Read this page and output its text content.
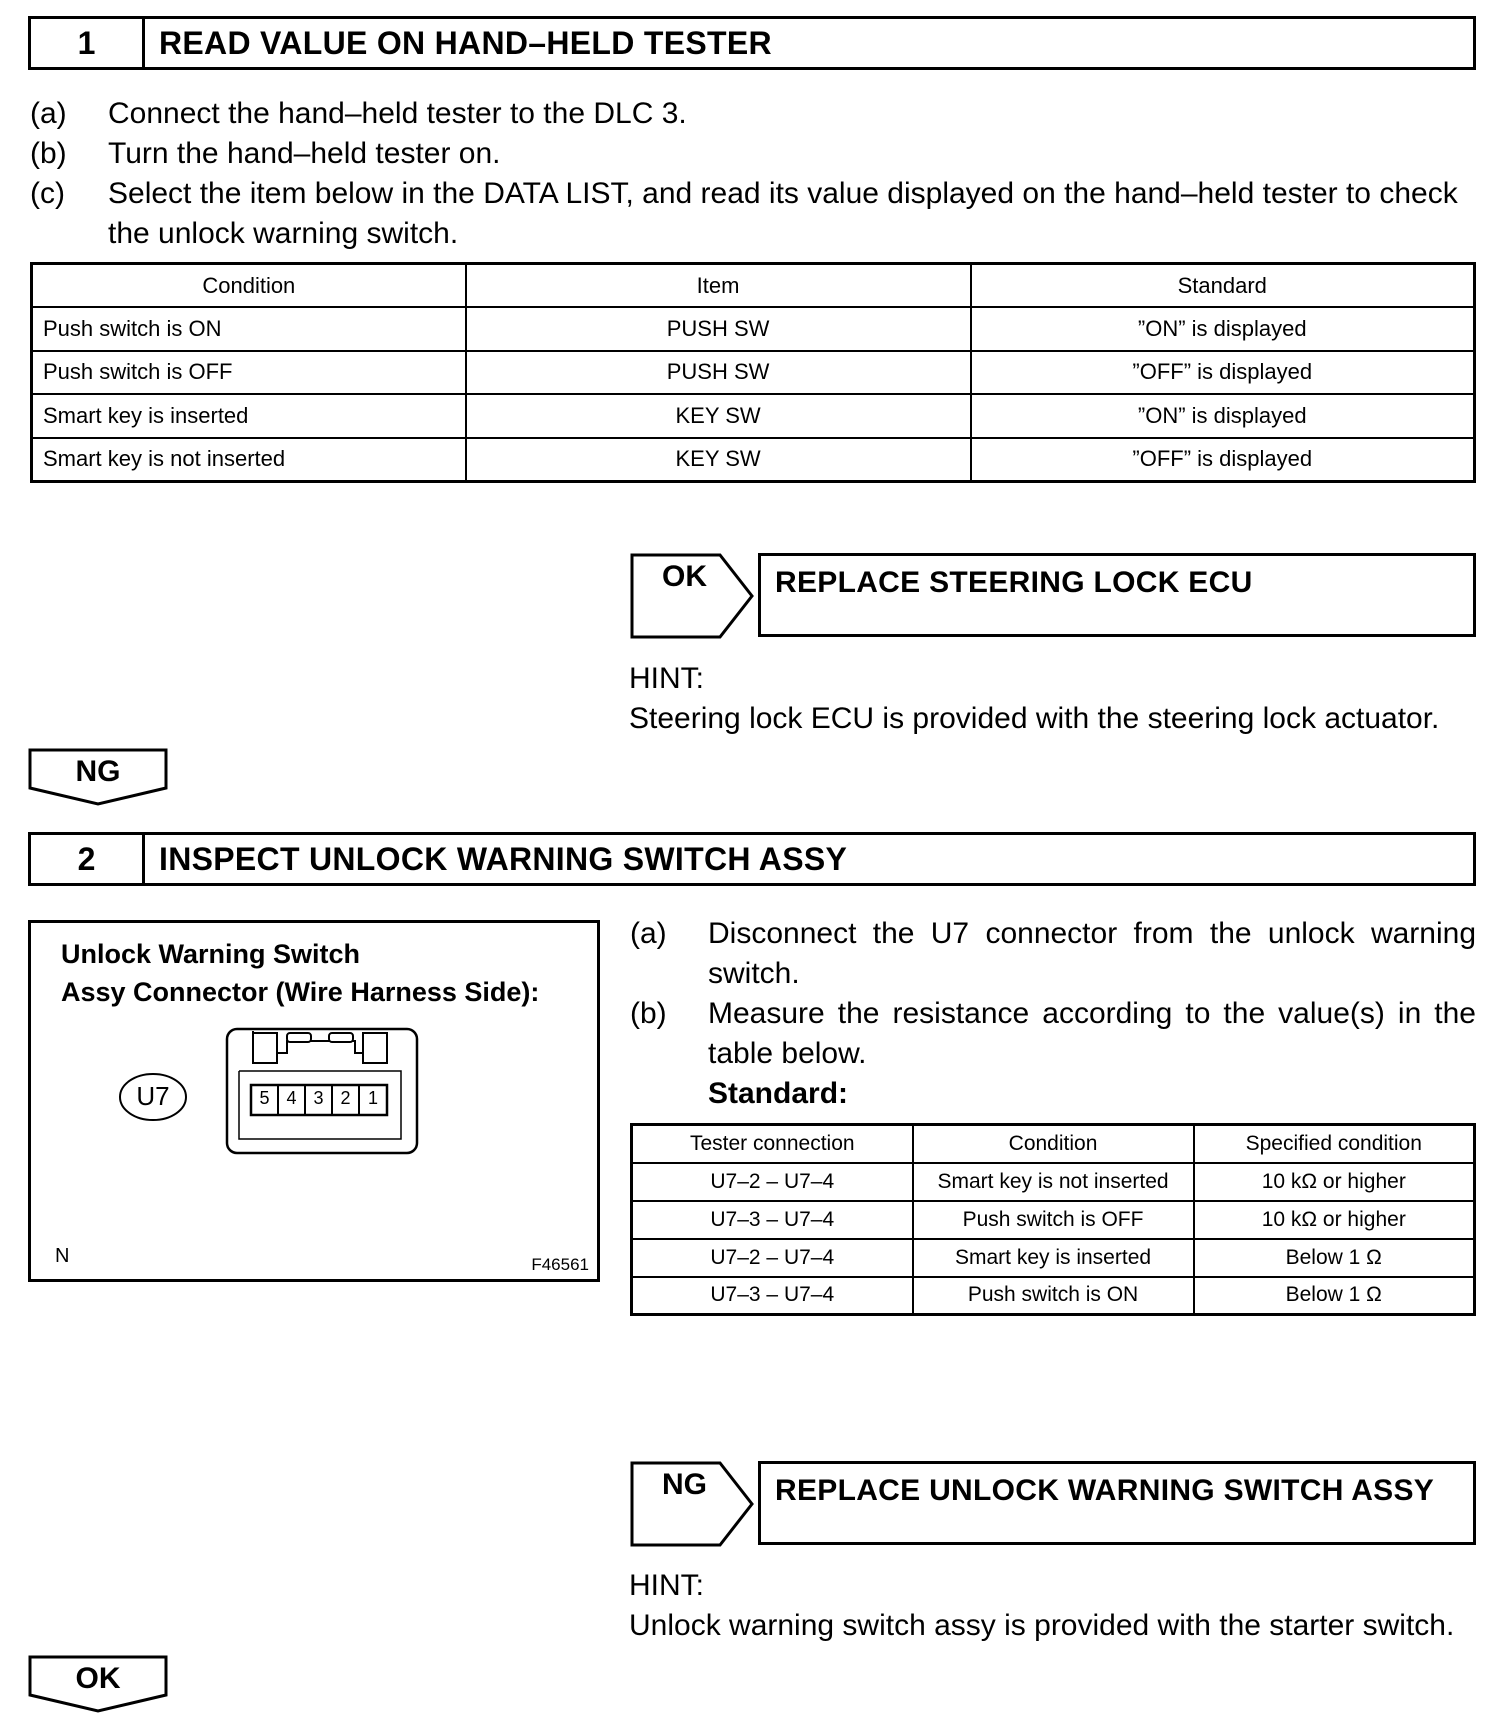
1	READ VALUE ON HAND–HELD TESTER
(a)	Connect the hand–held tester to the DLC 3.
(b)	Turn the hand–held tester on.
(c)	Select the item below in the DATA LIST, and read its value displayed on the hand–held tester to check the unlock warning switch.
Condition	Item	Standard
Push switch is ON	PUSH SW	”ON” is displayed
Push switch is OFF	PUSH SW	”OFF” is displayed
Smart key is inserted	KEY SW	”ON” is displayed
Smart key is not inserted	KEY SW	”OFF” is displayed
OK	REPLACE STEERING LOCK ECU
HINT:
Steering lock ECU is provided with the steering lock actuator.
NG
2	INSPECT UNLOCK WARNING SWITCH ASSY
Unlock Warning Switch
Assy Connector (Wire Harness Side):
U7	5 4 3 2 1
N	F46561
(a)	Disconnect the U7 connector from the unlock warning switch.
(b)	Measure the resistance according to the value(s) in the table below.
Standard:
Tester connection	Condition	Specified condition
U7–2 – U7–4	Smart key is not inserted	10 kΩ or higher
U7–3 – U7–4	Push switch is OFF	10 kΩ or higher
U7–2 – U7–4	Smart key is inserted	Below 1 Ω
U7–3 – U7–4	Push switch is ON	Below 1 Ω
NG	REPLACE UNLOCK WARNING SWITCH ASSY
HINT:
Unlock warning switch assy is provided with the starter switch.
OK
